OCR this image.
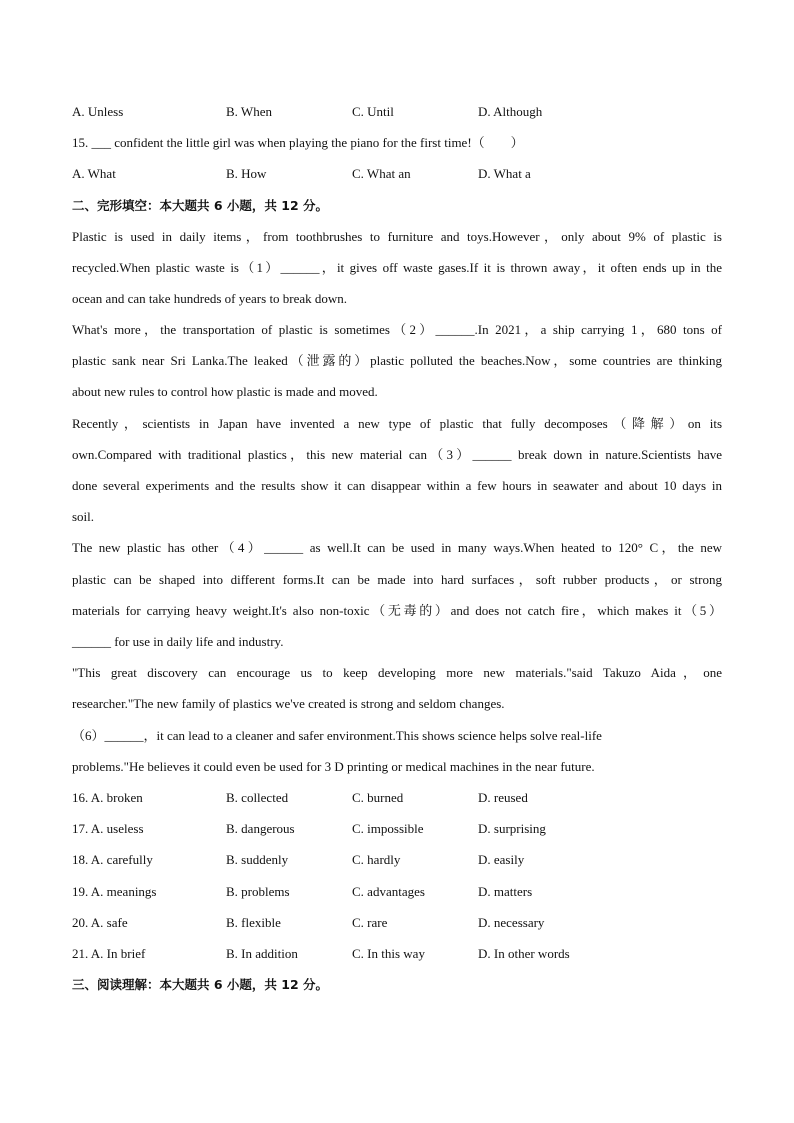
A. Unless	B. When	C. Until	D. Although
15. ___ confident the little girl was when playing the piano for the first time!（　　）
A. What	B. How	C. What an	D. What a
二、完形填空：本大题共 6 小题，共 12 分。
Plastic is used in daily items，from toothbrushes to furniture and toys.However，only about 9% of plastic is
recycled.When plastic waste is（1）______，it gives off waste gases.If it is thrown away，it often ends up in the
ocean and can take hundreds of years to break down.
What's more，the transportation of plastic is sometimes（2）______.In 2021，a ship carrying 1，680 tons of
plastic sank near Sri Lanka.The leaked（泄露的）plastic polluted the beaches.Now，some countries are thinking
about new rules to control how plastic is made and moved.
Recently，scientists in Japan have invented a new type of plastic that fully decomposes（降解）on its
own.Compared with traditional plastics，this new material can（3）______ break down in nature.Scientists have
done several experiments and the results show it can disappear within a few hours in seawater and about 10 days in
soil.
The new plastic has other（4）______ as well.It can be used in many ways.When heated to 120° C，the new
plastic can be shaped into different forms.It can be made into hard surfaces，soft rubber products，or strong
materials for carrying heavy weight.It's also non-toxic（无毒的）and does not catch fire，which makes it（5）
______ for use in daily life and industry.
"This great discovery can encourage us to keep developing more new materials."said Takuzo Aida，one
researcher."The new family of plastics we've created is strong and seldom changes.
（6）______，it can lead to a cleaner and safer environment.This shows science helps solve real-life
problems."He believes it could even be used for 3 D printing or medical machines in the near future.
16. A. broken	B. collected	C. burned	D. reused
17. A. useless	B. dangerous	C. impossible	D. surprising
18. A. carefully	B. suddenly	C. hardly	D. easily
19. A. meanings	B. problems	C. advantages	D. matters
20. A. safe	B. flexible	C. rare	D. necessary
21. A. In brief	B. In addition	C. In this way	D. In other words
三、阅读理解：本大题共 6 小题，共 12 分。
